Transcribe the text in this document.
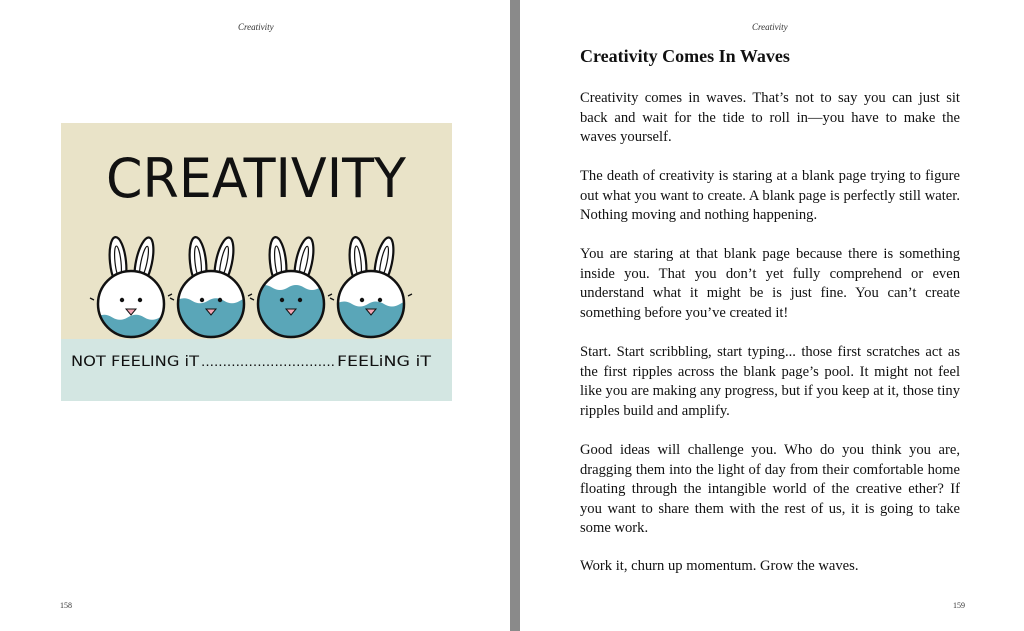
Creativity
CREATIVITY
NOT FEELING iT ............................... FEELiNG iT
158
Creativity
Creativity Comes In Waves

Creativity comes in waves. That’s not to say you can just sit back and wait for the tide to roll in—you have to make the waves yourself.

The death of creativity is staring at a blank page trying to figure out what you want to create. A blank page is perfectly still water. Nothing moving and nothing happening.

You are staring at that blank page because there is something inside you. That you don’t yet fully comprehend or even understand what it might be is just fine. You can’t create something before you’ve created it!

Start. Start scribbling, start typing... those first scratches act as the first ripples across the blank page’s pool. It might not feel like you are making any progress, but if you keep at it, those tiny ripples build and amplify.

Good ideas will challenge you. Who do you think you are, dragging them into the light of day from their comfortable home floating through the intangible world of the creative ether? If you want to share them with the rest of us, it is going to take some work.

Work it, churn up momentum. Grow the waves.

159
